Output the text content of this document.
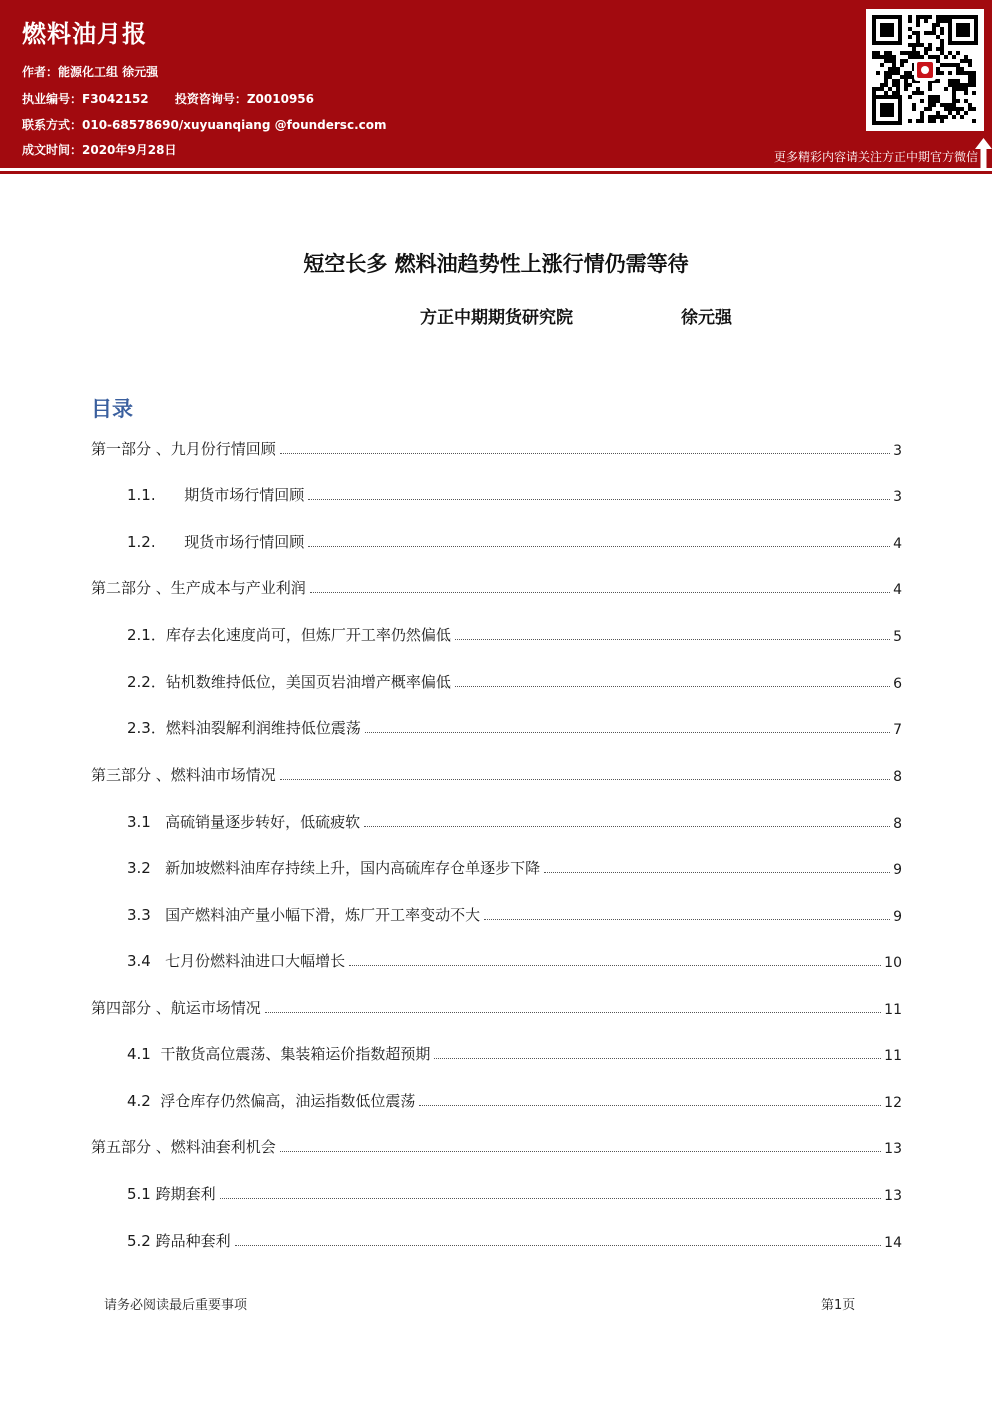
燃料油月报
作者：能源化工组 徐元强
执业编号：F3042152 投资咨询号：Z0010956
联系方式：010-68578690/xuyuanqiang @foundersc.com
成文时间：2020年9月28日	更多精彩内容请关注方正中期官方微信
短空长多 燃料油趋势性上涨行情仍需等待
方正中期期货研究院	徐元强
目录
第一部分 、九月份行情回顾	3
1.1.      期货市场行情回顾	3
1.2.      现货市场行情回顾	4
第二部分 、生产成本与产业利润	4
2.1．库存去化速度尚可，但炼厂开工率仍然偏低	5
2.2．钻机数维持低位，美国页岩油增产概率偏低	6
2.3．燃料油裂解利润维持低位震荡	7
第三部分 、燃料油市场情况	8
3.1   高硫销量逐步转好，低硫疲软	8
3.2   新加坡燃料油库存持续上升，国内高硫库存仓单逐步下降	9
3.3   国产燃料油产量小幅下滑，炼厂开工率变动不大	9
3.4   七月份燃料油进口大幅增长	10
第四部分 、航运市场情况	11
4.1  干散货高位震荡、集装箱运价指数超预期	11
4.2  浮仓库存仍然偏高，油运指数低位震荡	12
第五部分 、燃料油套利机会	13
5.1 跨期套利	13
5.2 跨品种套利	14
请务必阅读最后重要事项	第1页
